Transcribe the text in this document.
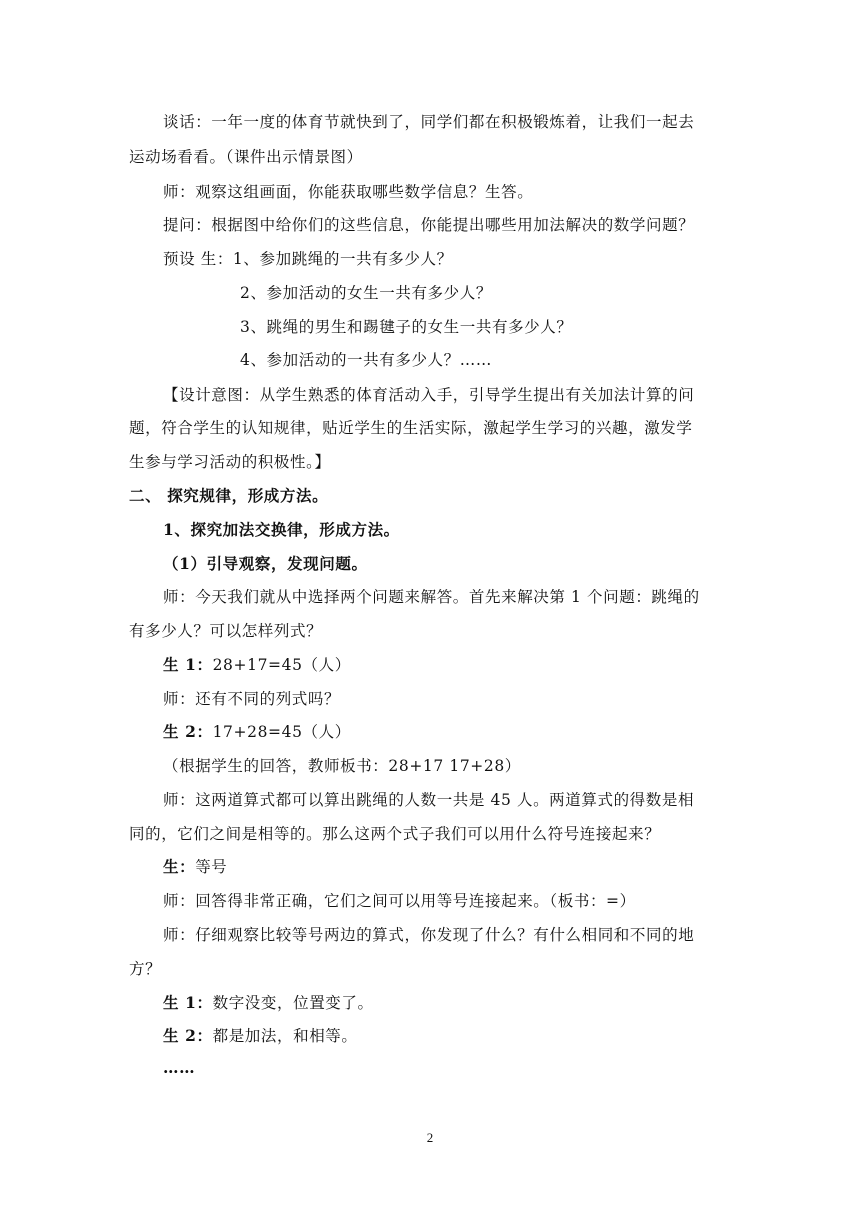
谈话：一年一度的体育节就快到了，同学们都在积极锻炼着，让我们一起去
运动场看看。（课件出示情景图）
师：观察这组画面，你能获取哪些数学信息？生答。
提问：根据图中给你们的这些信息，你能提出哪些用加法解决的数学问题？
预设 生：1、参加跳绳的一共有多少人？
2、参加活动的女生一共有多少人？
3、跳绳的男生和踢毽子的女生一共有多少人？
4、参加活动的一共有多少人？……
【设计意图：从学生熟悉的体育活动入手，引导学生提出有关加法计算的问
题，符合学生的认知规律，贴近学生的生活实际，激起学生学习的兴趣，激发学
生参与学习活动的积极性。】
二、 探究规律，形成方法。
1、探究加法交换律，形成方法。
（1）引导观察，发现问题。
师：今天我们就从中选择两个问题来解答。首先来解决第 1 个问题：跳绳的
有多少人？可以怎样列式？
生 1：28+17=45（人）
师：还有不同的列式吗？
生 2：17+28=45（人）
（根据学生的回答，教师板书：28+17 17+28）
师：这两道算式都可以算出跳绳的人数一共是 45 人。两道算式的得数是相
同的，它们之间是相等的。那么这两个式子我们可以用什么符号连接起来？
生：等号
师：回答得非常正确，它们之间可以用等号连接起来。（板书：=）
师：仔细观察比较等号两边的算式，你发现了什么？有什么相同和不同的地
方？
生 1：数字没变，位置变了。
生 2：都是加法，和相等。
……
2
